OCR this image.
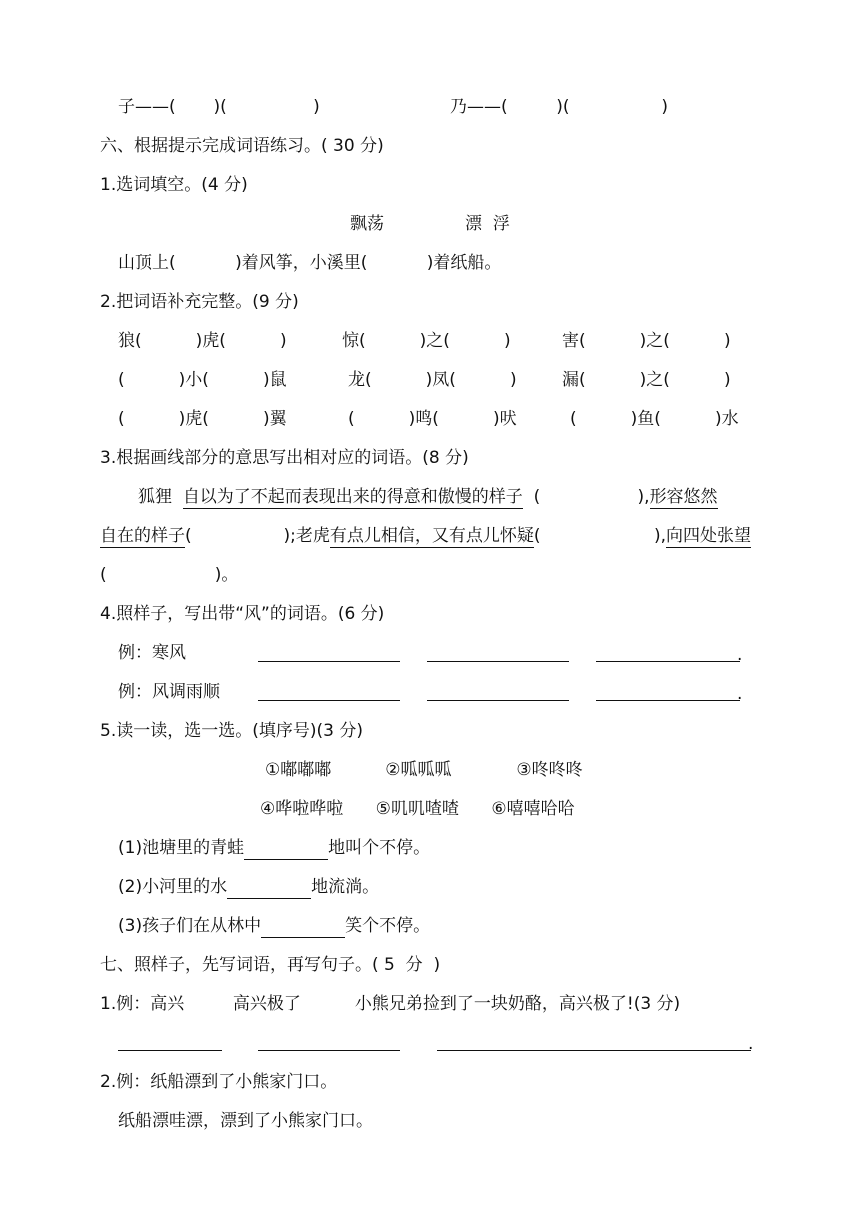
子——(       )(                )	乃——(         )(                 )
六、根据提示完成词语练习。( 30 分)
1.选词填空。(4 分)
飘荡               漂  浮
山顶上(           )着风筝，小溪里(           )着纸船。
2.把词语补充完整。(9 分)
狼(          )虎(          )	惊(          )之(          )	害(          )之(          )
(          )小(          )鼠	龙(          )凤(          )	漏(          )之(          )
(          )虎(          )翼	(          )鸣(          )吠	(          )鱼(          )水
3.根据画线部分的意思写出相对应的词语。(8 分)
狐狸  自以为了不起而表现出来的得意和傲慢的样子  (                  ),形容悠然
自在的样子(                 );老虎有点儿相信，又有点儿怀疑(                     ),向四处张望
(                    )。
4.照样子，写出带“风”的词语。(6 分)
例：寒风	.
例：风调雨顺	.
5.读一读，选一选。(填序号)(3 分)
①嘟嘟嘟          ②呱呱呱            ③咚咚咚
④哗啦哗啦      ⑤叽叽喳喳      ⑥嘻嘻哈哈
(1)池塘里的青蛙	地叫个不停。
(2)小河里的水	地流淌。
(3)孩子们在从林中	笑个不停。
七、照样子，先写词语，再写句子。( 5  分  )
1.例：高兴         高兴极了          小熊兄弟捡到了一块奶酪，高兴极了!(3 分)
.
2.例：纸船漂到了小熊家门口。
纸船漂哇漂，漂到了小熊家门口。
